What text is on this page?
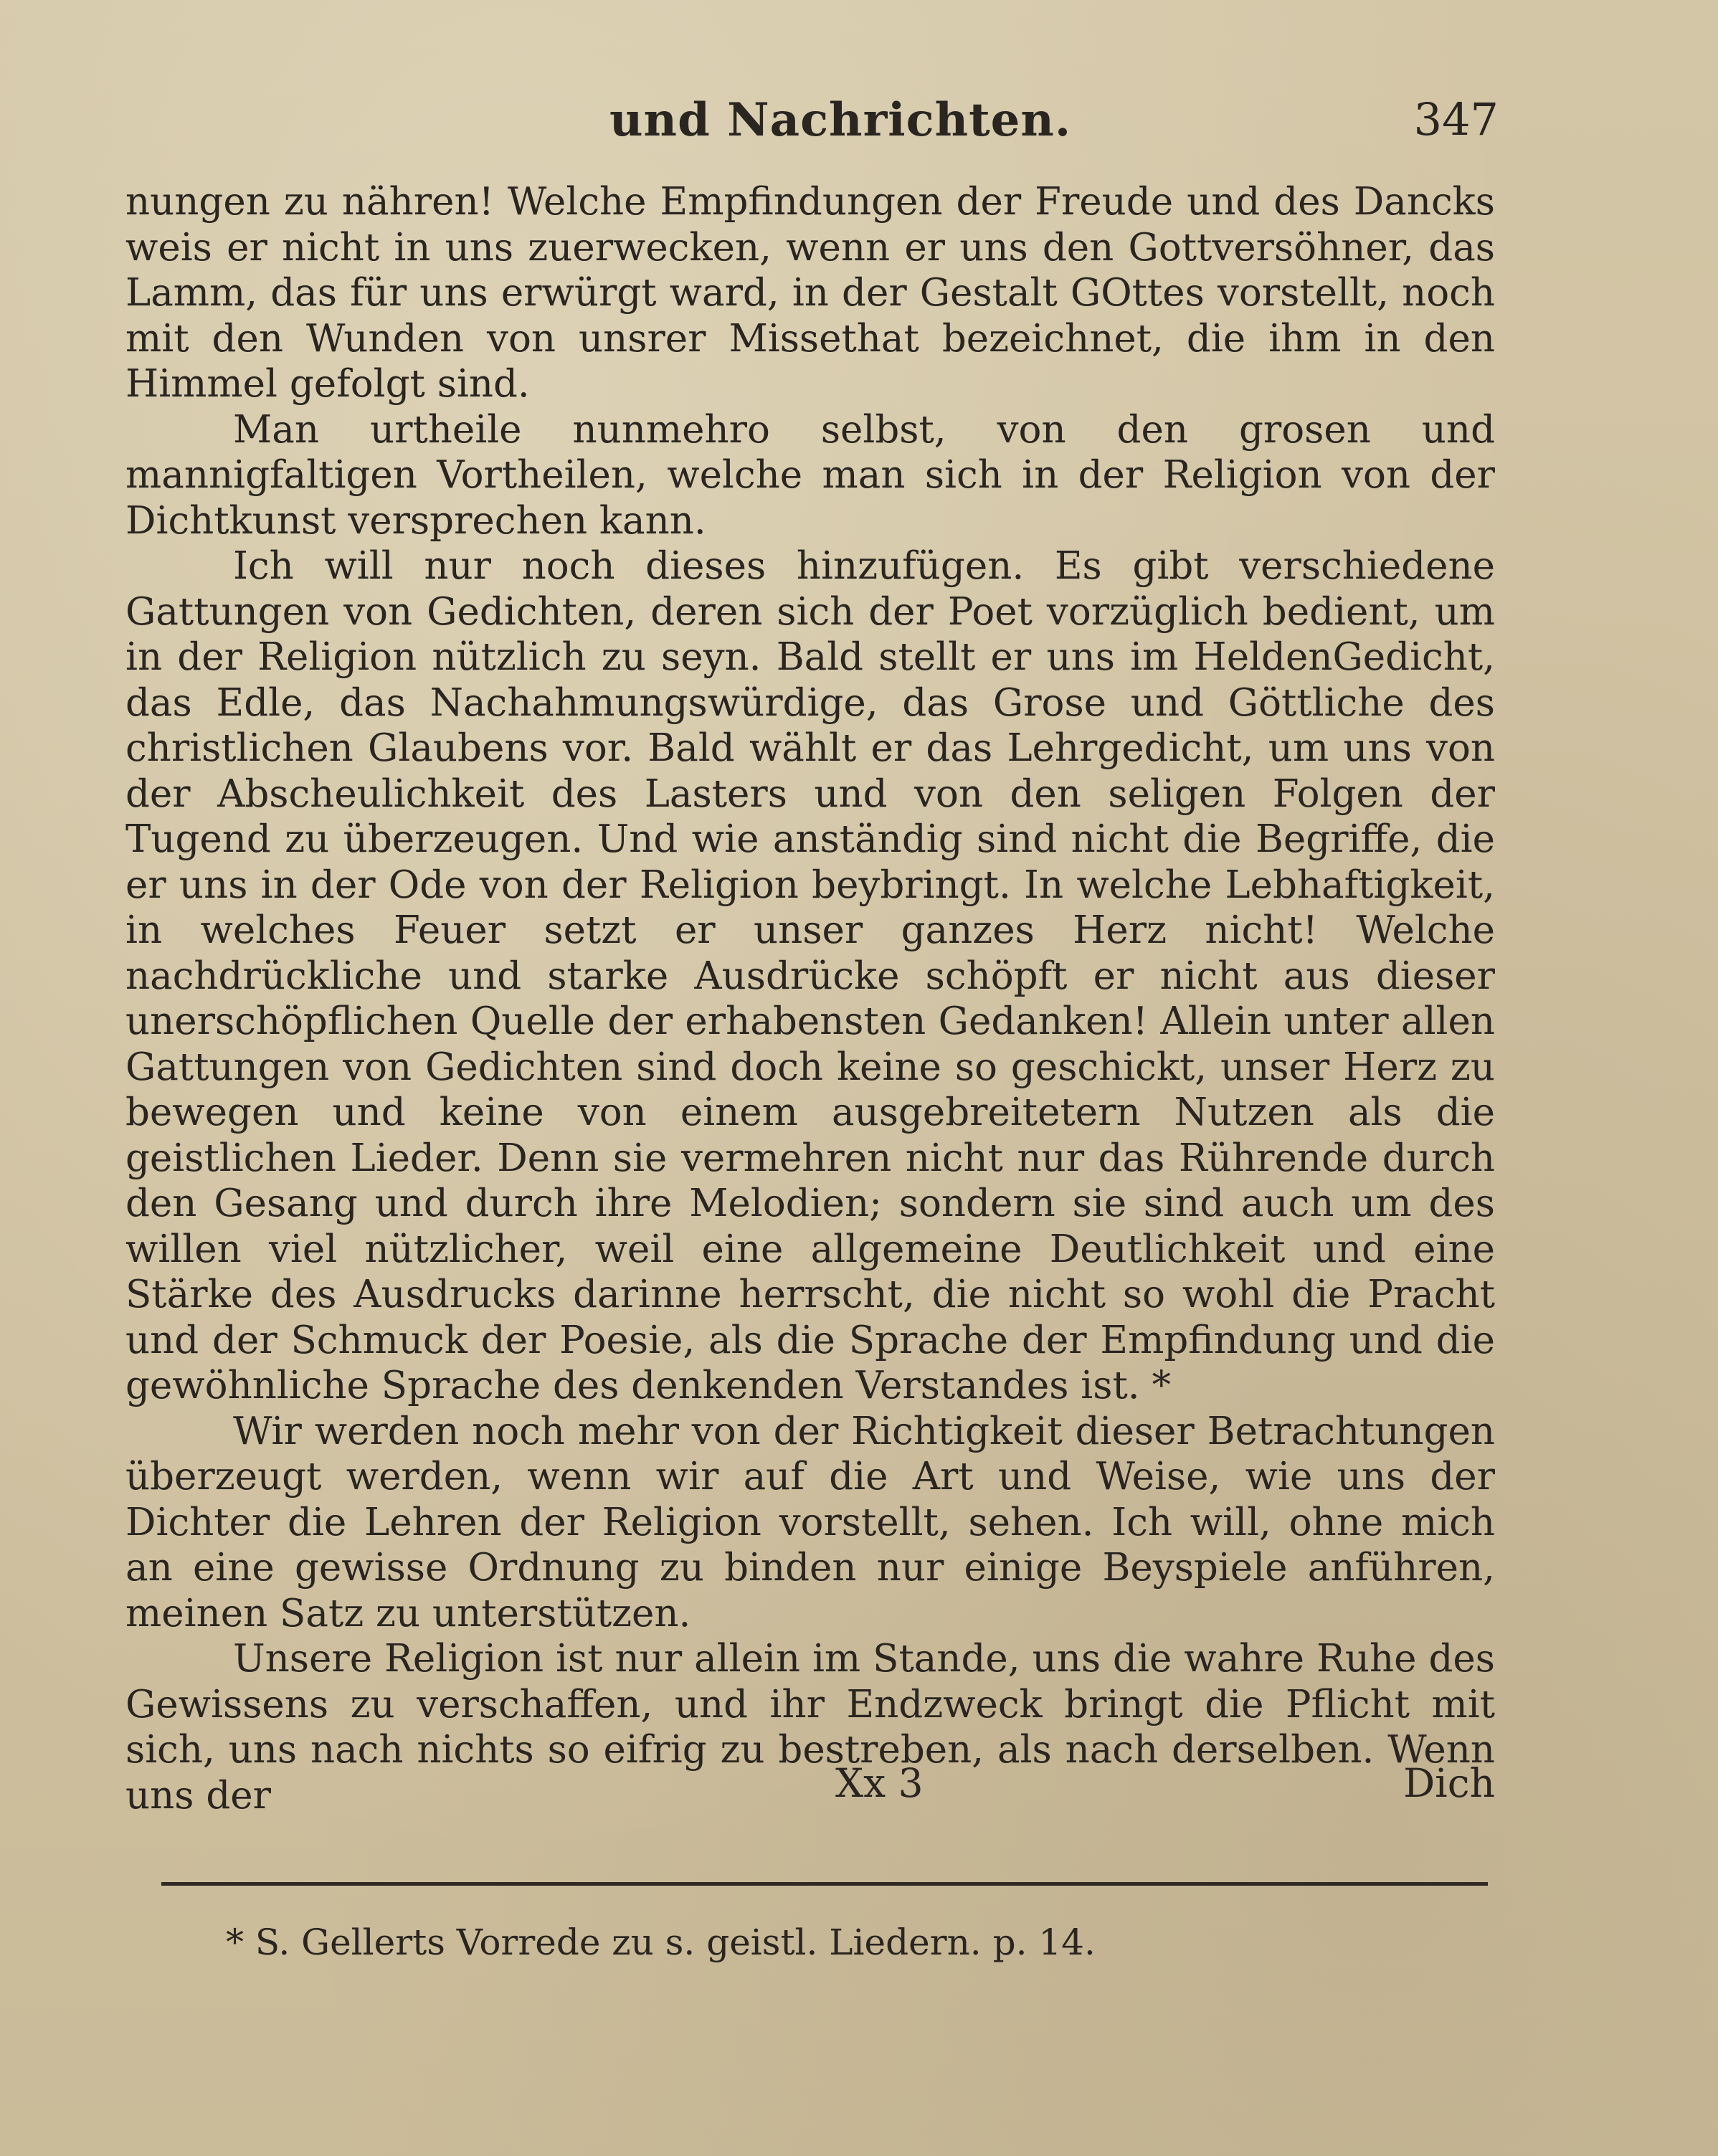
und Nachrichten.	347

nungen zu nähren! Welche Empfindungen der Freude und des Dancks weis er nicht in uns zuerwecken, wenn er uns den Gottversöhner, das Lamm, das für uns erwürgt ward, in der Gestalt GOttes vorstellt, noch mit den Wunden von unsrer Missethat bezeichnet, die ihm in den Himmel gefolgt sind.

Man urtheile nunmehro selbst, von den grosen und mannigfaltigen Vortheilen, welche man sich in der Religion von der Dichtkunst versprechen kann.

Ich will nur noch dieses hinzufügen. Es gibt verschiedene Gattungen von Gedichten, deren sich der Poet vorzüglich bedient, um in der Religion nützlich zu seyn. Bald stellt er uns im HeldenGedicht, das Edle, das Nachahmungswürdige, das Grose und Göttliche des christlichen Glaubens vor. Bald wählt er das Lehrgedicht, um uns von der Abscheulichkeit des Lasters und von den seligen Folgen der Tugend zu überzeugen. Und wie anständig sind nicht die Begriffe, die er uns in der Ode von der Religion beybringt. In welche Lebhaftigkeit, in welches Feuer setzt er unser ganzes Herz nicht! Welche nachdrückliche und starke Ausdrücke schöpft er nicht aus dieser unerschöpflichen Quelle der erhabensten Gedanken! Allein unter allen Gattungen von Gedichten sind doch keine so geschickt, unser Herz zu bewegen und keine von einem ausgebreitetern Nutzen als die geistlichen Lieder. Denn sie vermehren nicht nur das Rührende durch den Gesang und durch ihre Melodien; sondern sie sind auch um des willen viel nützlicher, weil eine allgemeine Deutlichkeit und eine Stärke des Ausdrucks darinne herrscht, die nicht so wohl die Pracht und der Schmuck der Poesie, als die Sprache der Empfindung und die gewöhnliche Sprache des denkenden Verstandes ist. *

Wir werden noch mehr von der Richtigkeit dieser Betrachtungen überzeugt werden, wenn wir auf die Art und Weise, wie uns der Dichter die Lehren der Religion vorstellt, sehen. Ich will, ohne mich an eine gewisse Ordnung zu binden nur einige Beyspiele anführen, meinen Satz zu unterstützen.

Unsere Religion ist nur allein im Stande, uns die wahre Ruhe des Gewissens zu verschaffen, und ihr Endzweck bringt die Pflicht mit sich, uns nach nichts so eifrig zu bestreben, als nach derselben. Wenn uns der	Xx 3	Dich
* S. Gellerts Vorrede zu s. geistl. Liedern. p. 14.
